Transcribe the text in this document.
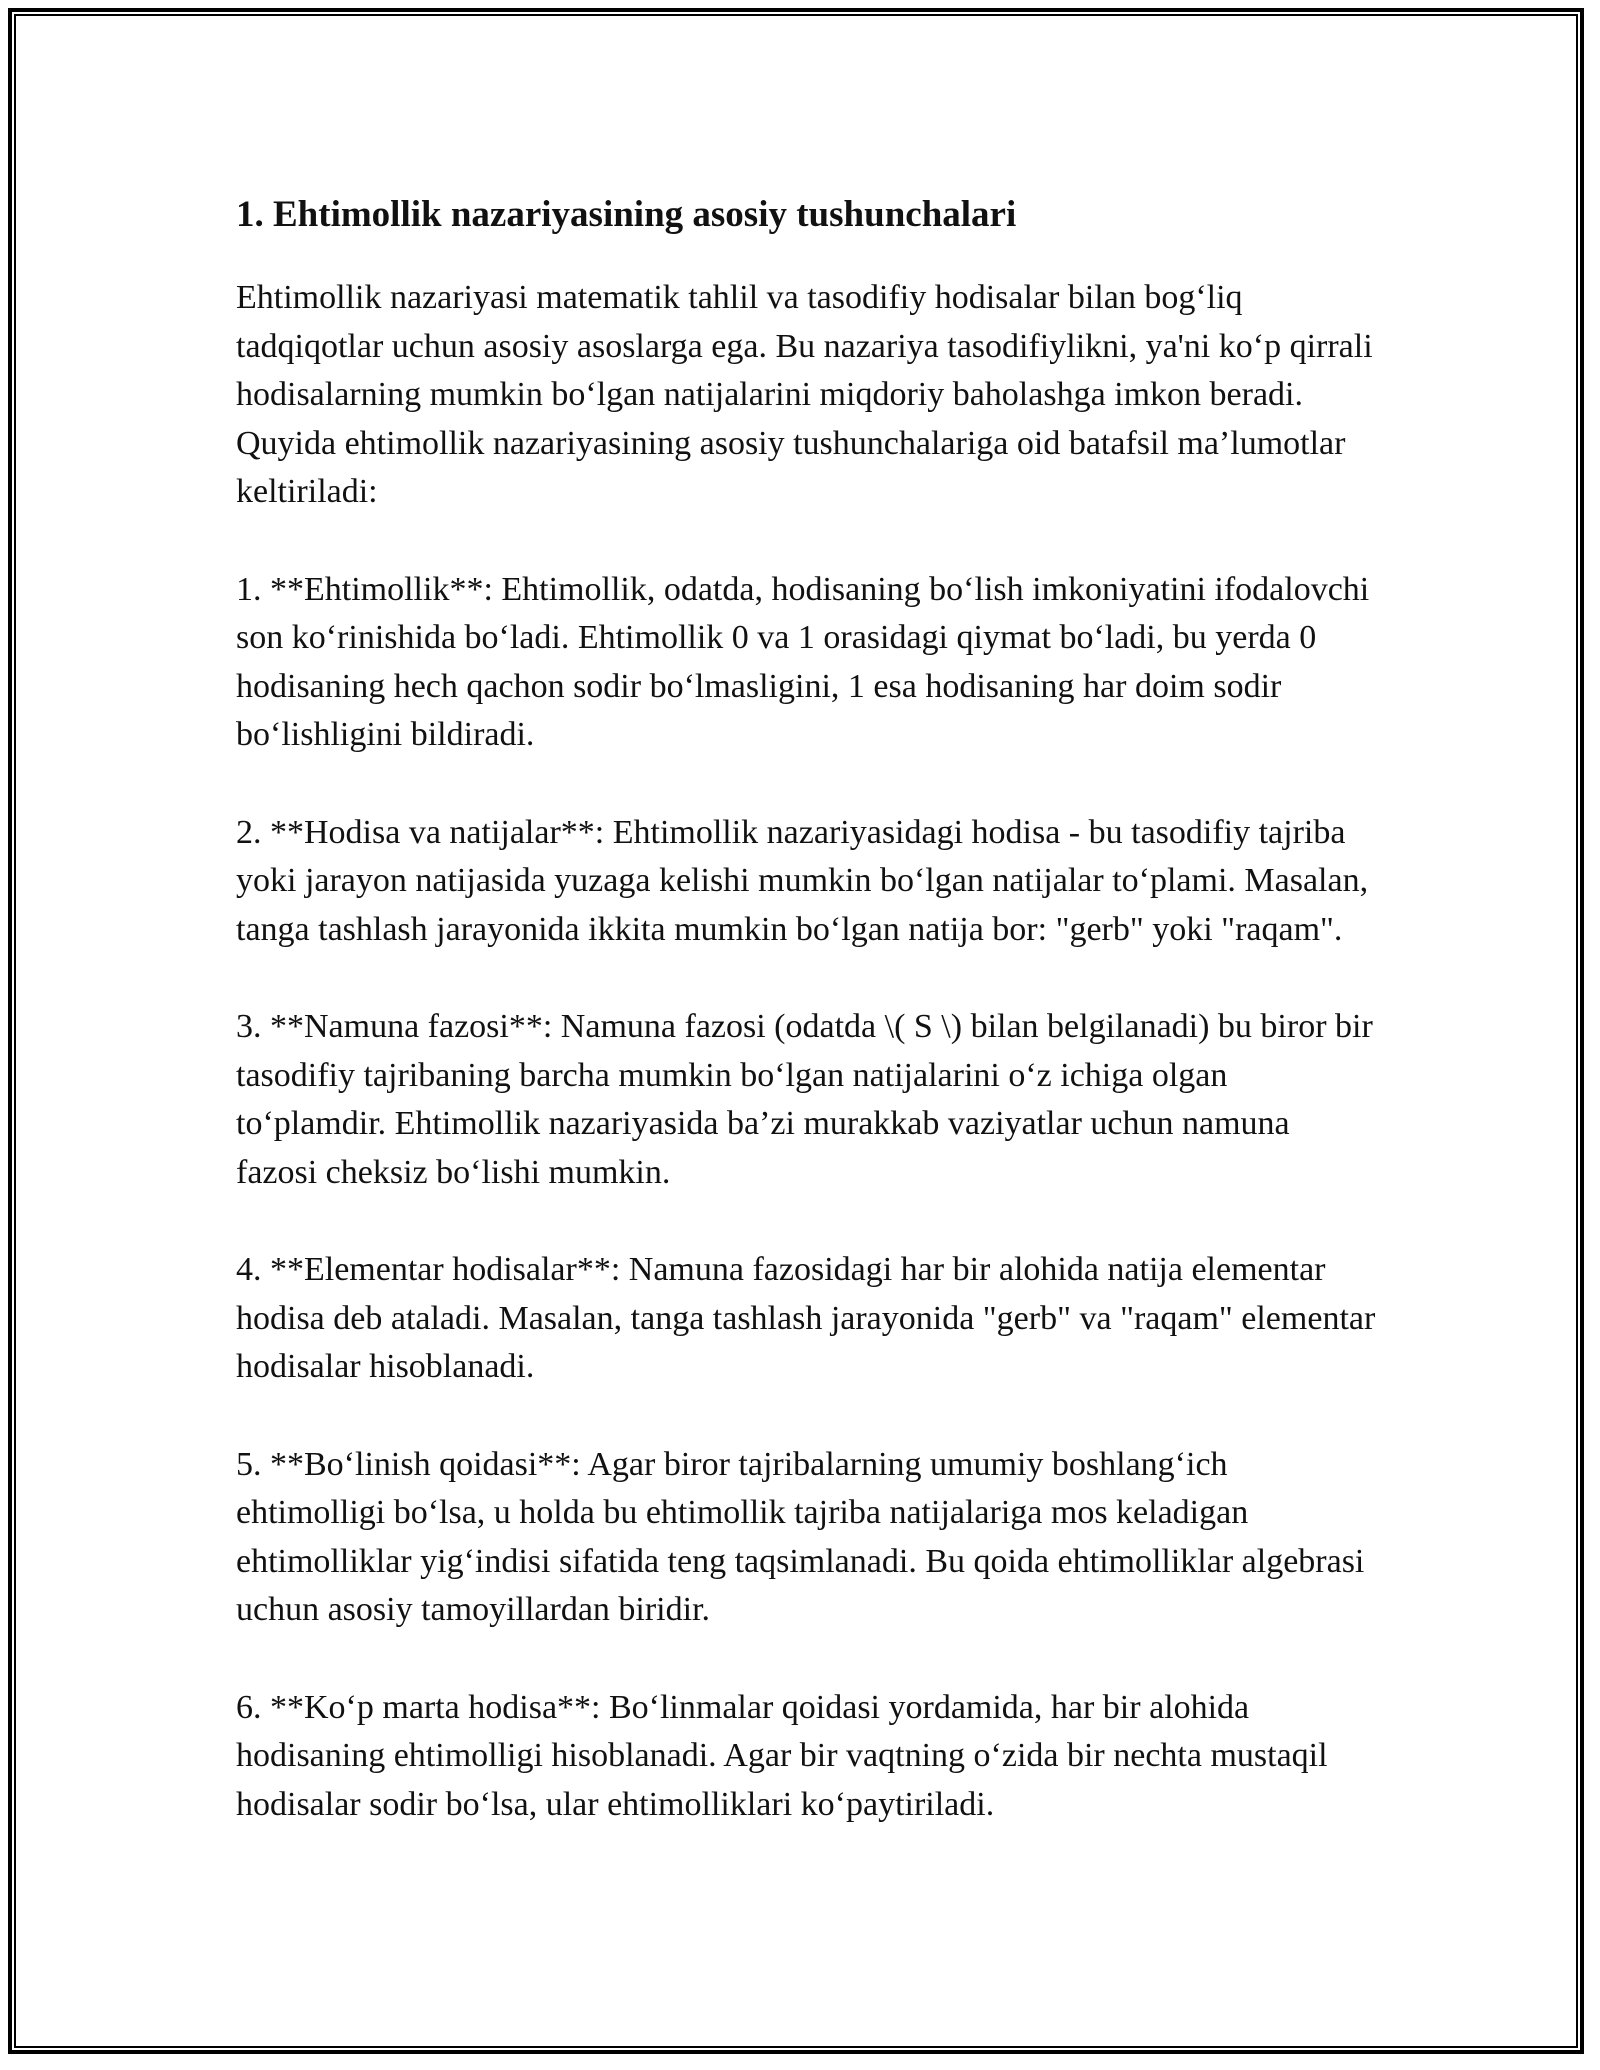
1. Ehtimollik nazariyasining asosiy tushunchalari

Ehtimollik nazariyasi matematik tahlil va tasodifiy hodisalar bilan bog‘liq tadqiqotlar uchun asosiy asoslarga ega. Bu nazariya tasodifiylikni, ya'ni ko‘p qirrali hodisalarning mumkin bo‘lgan natijalarini miqdoriy baholashga imkon beradi. Quyida ehtimollik nazariyasining asosiy tushunchalariga oid batafsil ma’lumotlar keltiriladi:

1. **Ehtimollik**: Ehtimollik, odatda, hodisaning bo‘lish imkoniyatini ifodalovchi son ko‘rinishida bo‘ladi. Ehtimollik 0 va 1 orasidagi qiymat bo‘ladi, bu yerda 0 hodisaning hech qachon sodir bo‘lmasligini, 1 esa hodisaning har doim sodir bo‘lishligini bildiradi.

2. **Hodisa va natijalar**: Ehtimollik nazariyasidagi hodisa - bu tasodifiy tajriba yoki jarayon natijasida yuzaga kelishi mumkin bo‘lgan natijalar to‘plami. Masalan, tanga tashlash jarayonida ikkita mumkin bo‘lgan natija bor: "gerb" yoki "raqam".

3. **Namuna fazosi**: Namuna fazosi (odatda \( S \) bilan belgilanadi) bu biror bir tasodifiy tajribaning barcha mumkin bo‘lgan natijalarini o‘z ichiga olgan to‘plamdir. Ehtimollik nazariyasida ba’zi murakkab vaziyatlar uchun namuna fazosi cheksiz bo‘lishi mumkin.

4. **Elementar hodisalar**: Namuna fazosidagi har bir alohida natija elementar hodisa deb ataladi. Masalan, tanga tashlash jarayonida "gerb" va "raqam" elementar hodisalar hisoblanadi.

5. **Bo‘linish qoidasi**: Agar biror tajribalarning umumiy boshlang‘ich ehtimolligi bo‘lsa, u holda bu ehtimollik tajriba natijalariga mos keladigan ehtimolliklar yig‘indisi sifatida teng taqsimlanadi. Bu qoida ehtimolliklar algebrasi uchun asosiy tamoyillardan biridir.

6. **Ko‘p marta hodisa**: Bo‘linmalar qoidasi yordamida, har bir alohida hodisaning ehtimolligi hisoblanadi. Agar bir vaqtning o‘zida bir nechta mustaqil hodisalar sodir bo‘lsa, ular ehtimolliklari ko‘paytiriladi.
